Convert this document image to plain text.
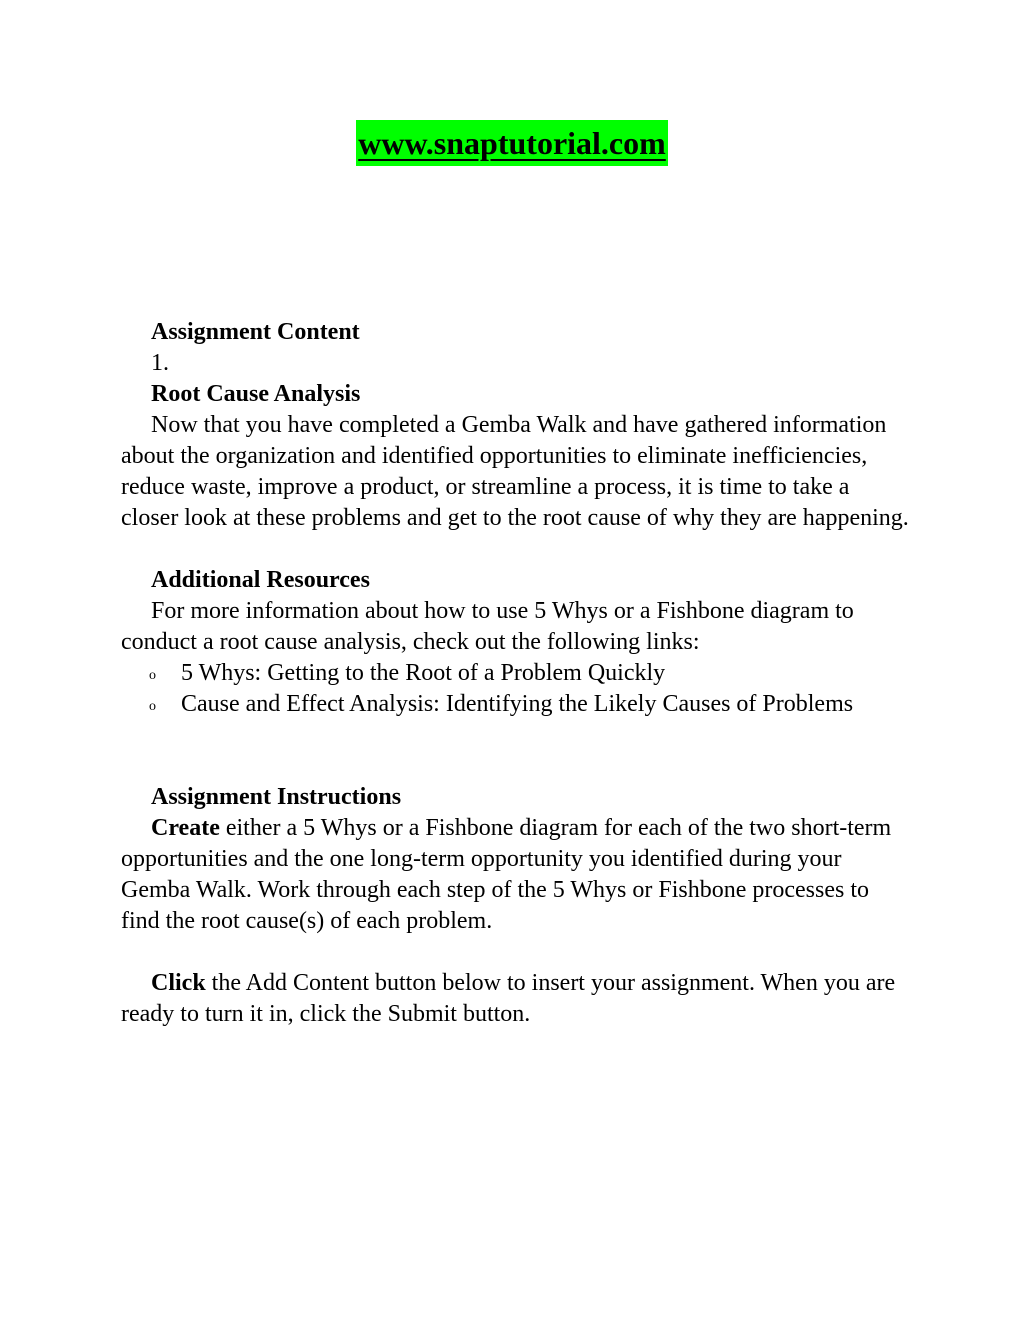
www.snaptutorial.com

Assignment Content

1.

Root Cause Analysis

Now that you have completed a Gemba Walk and have gathered information about the organization and identified opportunities to eliminate inefficiencies, reduce waste, improve a product, or streamline a process, it is time to take a closer look at these problems and get to the root cause of why they are happening.

Additional Resources

For more information about how to use 5 Whys or a Fishbone diagram to conduct a root cause analysis, check out the following links:

o 5 Whys: Getting to the Root of a Problem Quickly
o Cause and Effect Analysis: Identifying the Likely Causes of Problems

Assignment Instructions

Create either a 5 Whys or a Fishbone diagram for each of the two short-term opportunities and the one long-term opportunity you identified during your Gemba Walk. Work through each step of the 5 Whys or Fishbone processes to find the root cause(s) of each problem.

Click the Add Content button below to insert your assignment. When you are ready to turn it in, click the Submit button.
